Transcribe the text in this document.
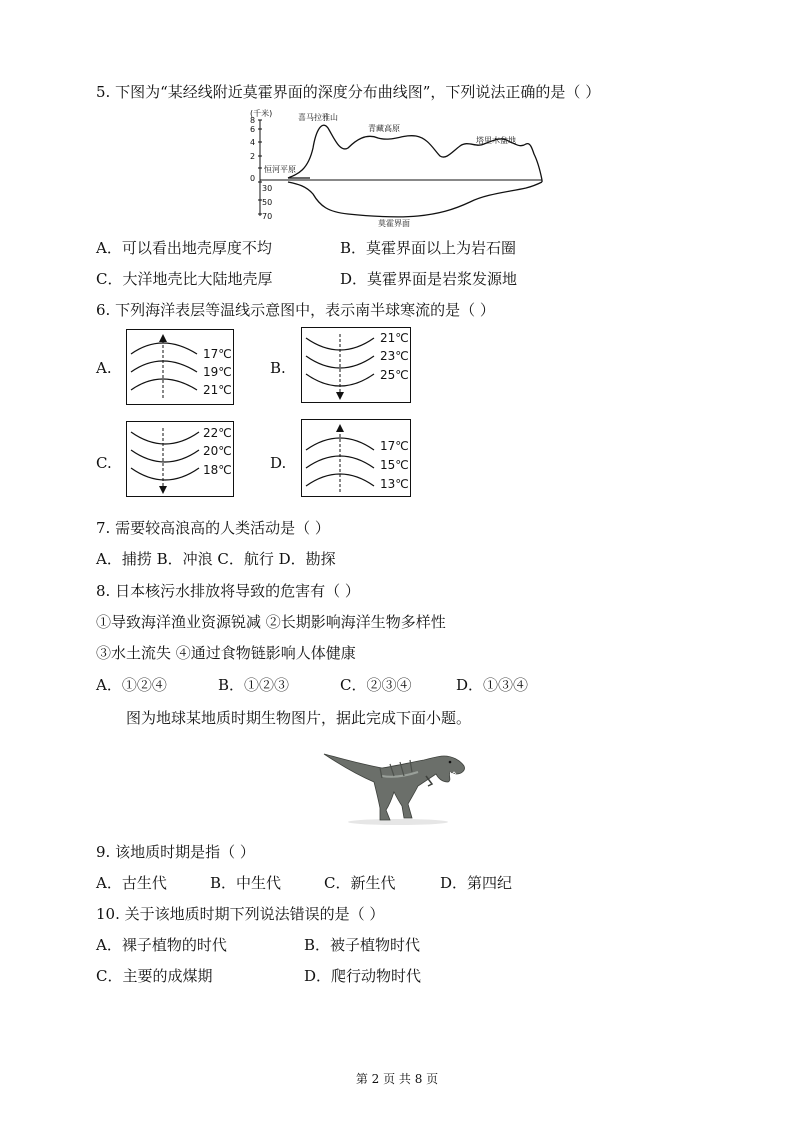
5. 下图为“某经线附近莫霍界面的深度分布曲线图”，下列说法正确的是（ ）
(千米)
8
6
4
2
0
30
50
70
喜马拉雅山
青藏高原
塔里木盆地
恒河平原
莫霍界面
A．可以看出地壳厚度不均	B．莫霍界面以上为岩石圈
C．大洋地壳比大陆地壳厚	D．莫霍界面是岩浆发源地
6. 下列海洋表层等温线示意图中，表示南半球寒流的是（ ）
A.
17℃
19℃
21℃
B.
21℃
23℃
25℃
C.
22℃
20℃
18℃	D.
17℃
15℃
13℃
7. 需要较高浪高的人类活动是（ ）
A．捕捞 B．冲浪 C．航行 D．勘探
8. 日本核污水排放将导致的危害有（ ）
①导致海洋渔业资源锐减 ②长期影响海洋生物多样性
③水土流失 ④通过食物链影响人体健康
A．①②④	B．①②③	C．②③④	D．①③④
图为地球某地质时期生物图片，据此完成下面小题。
9. 该地质时期是指（ ）
A．古生代	B．中生代	C．新生代	D．第四纪
10. 关于该地质时期下列说法错误的是（ ）
A．裸子植物的时代	B．被子植物时代
C．主要的成煤期	D．爬行动物时代
第 2 页 共 8 页
